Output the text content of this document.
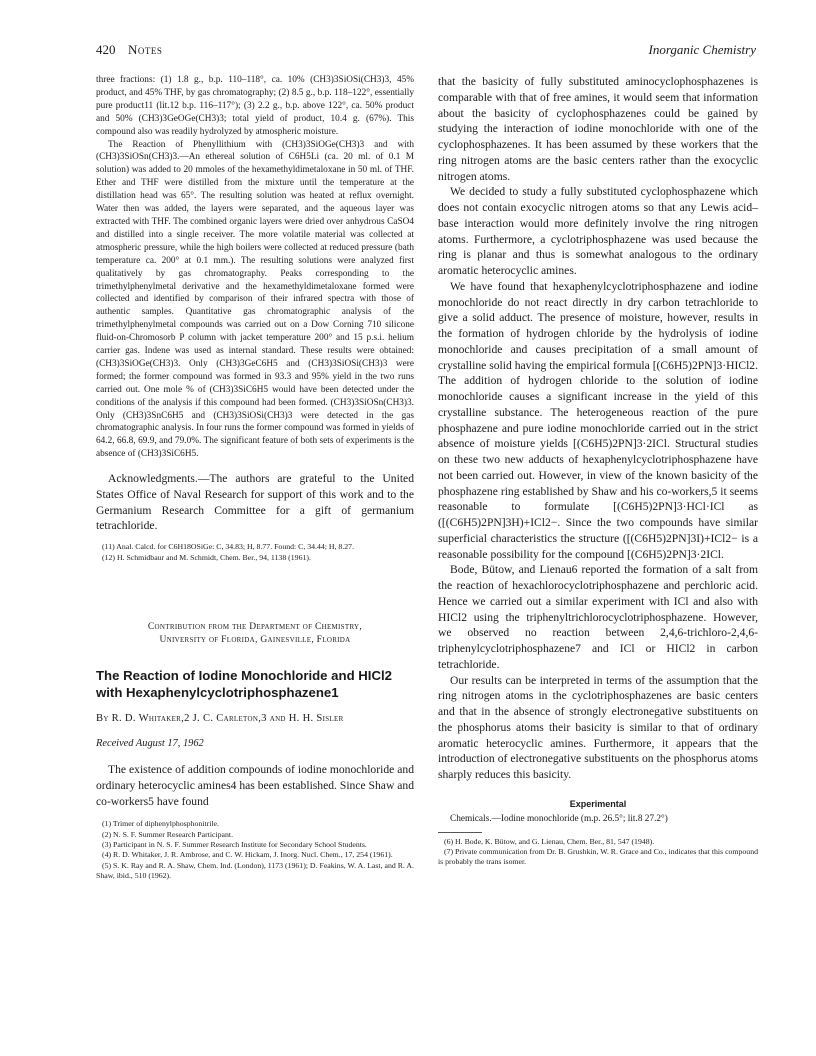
420 Notes	Inorganic Chemistry

three fractions: (1) 1.8 g., b.p. 110–118°, ca. 10% (CH3)3SiOSi(CH3)3, 45% product, and 45% THF, by gas chromatography; (2) 8.5 g., b.p. 118–122°, essentially pure product11 (lit.12 b.p. 116–117°); (3) 2.2 g., b.p. above 122°, ca. 50% product and 50% (CH3)3GeOGe(CH3)3; total yield of product, 10.4 g. (67%). This compound also was readily hydrolyzed by atmospheric moisture.

The Reaction of Phenyllithium with (CH3)3SiOGe(CH3)3 and with (CH3)3SiOSn(CH3)3.—An ethereal solution of C6H5Li (ca. 20 ml. of 0.1 M solution) was added to 20 mmoles of the hexamethyldimetaloxane in 50 ml. of THF. Ether and THF were distilled from the mixture until the temperature at the distillation head was 65°. The resulting solution was heated at reflux overnight. Water then was added, the layers were separated, and the aqueous layer was extracted with THF. The combined organic layers were dried over anhydrous CaSO4 and distilled into a single receiver. The more volatile material was collected at atmospheric pressure, while the high boilers were collected at reduced pressure (bath temperature ca. 200° at 0.1 mm.). The resulting solutions were analyzed first qualitatively by gas chromatography. Peaks corresponding to the trimethylphenylmetal derivative and the hexamethyldimetaloxane formed were collected and identified by comparison of their infrared spectra with those of authentic samples. Quantitative gas chromatographic analysis of the trimethylphenylmetal compounds was carried out on a Dow Corning 710 silicone fluid-on-Chromosorb P column with jacket temperature 200° and 15 p.s.i. helium carrier gas. Indene was used as internal standard. These results were obtained: (CH3)3SiOGe(CH3)3. Only (CH3)3GeC6H5 and (CH3)3SiOSi(CH3)3 were formed; the former compound was formed in 93.3 and 95% yield in the two runs carried out. One mole % of (CH3)3SiC6H5 would have been detected under the conditions of the analysis if this compound had been formed. (CH3)3SiOSn(CH3)3. Only (CH3)3SnC6H5 and (CH3)3SiOSi(CH3)3 were detected in the gas chromatographic analysis. In four runs the former compound was formed in yields of 64.2, 66.8, 69.9, and 79.0%. The significant feature of both sets of experiments is the absence of (CH3)3SiC6H5.

Acknowledgments.—The authors are grateful to the United States Office of Naval Research for support of this work and to the Germanium Research Committee for a gift of germanium tetrachloride.

(11) Anal. Calcd. for C6H18OSiGe: C, 34.83; H, 8.77. Found: C, 34.44; H, 8.27.

(12) H. Schmidbaur and M. Schmidt, Chem. Ber., 94, 1138 (1961).

Contribution from the Department of Chemistry,
University of Florida, Gainesville, Florida
The Reaction of Iodine Monochloride and HICl2 with Hexaphenylcyclotriphosphazene1
By R. D. Whitaker,2 J. C. Carleton,3 and H. H. Sisler
Received August 17, 1962

The existence of addition compounds of iodine monochloride and ordinary heterocyclic amines4 has been established. Since Shaw and co-workers5 have found

(1) Trimer of diphenylphosphonitrile.

(2) N. S. F. Summer Research Participant.

(3) Participant in N. S. F. Summer Research Institute for Secondary School Students.

(4) R. D. Whitaker, J. R. Ambrose, and C. W. Hickam, J. Inorg. Nucl. Chem., 17, 254 (1961).

(5) S. K. Ray and R. A. Shaw, Chem. Ind. (London), 1173 (1961); D. Feakins, W. A. Last, and R. A. Shaw, ibid., 510 (1962).

that the basicity of fully substituted aminocyclophosphazenes is comparable with that of free amines, it would seem that information about the basicity of cyclophosphazenes could be gained by studying the interaction of iodine monochloride with one of the cyclophosphazenes. It has been assumed by these workers that the ring nitrogen atoms are the basic centers rather than the exocyclic nitrogen atoms.

We decided to study a fully substituted cyclophosphazene which does not contain exocyclic nitrogen atoms so that any Lewis acid–base interaction would more definitely involve the ring nitrogen atoms. Furthermore, a cyclotriphosphazene was used because the ring is planar and thus is somewhat analogous to the ordinary aromatic heterocyclic amines.

We have found that hexaphenylcyclotriphosphazene and iodine monochloride do not react directly in dry carbon tetrachloride to give a solid adduct. The presence of moisture, however, results in the formation of hydrogen chloride by the hydrolysis of iodine monochloride and causes precipitation of a small amount of crystalline solid having the empirical formula [(C6H5)2PN]3·HICl2. The addition of hydrogen chloride to the solution of iodine monochloride causes a significant increase in the yield of this crystalline substance. The heterogeneous reaction of the pure phosphazene and pure iodine monochloride carried out in the strict absence of moisture yields [(C6H5)2PN]3·2ICl. Structural studies on these two new adducts of hexaphenylcyclotriphosphazene have not been carried out. However, in view of the known basicity of the phosphazene ring established by Shaw and his co-workers,5 it seems reasonable to formulate [(C6H5)2PN]3·HCl·ICl as ([(C6H5)2PN]3H)+ICl2−. Since the two compounds have similar superficial characteristics the structure ([(C6H5)2PN]3I)+ICl2− is a reasonable possibility for the compound [(C6H5)2PN]3·2ICl.

Bode, Bütow, and Lienau6 reported the formation of a salt from the reaction of hexachlorocyclotriphosphazene and perchloric acid. Hence we carried out a similar experiment with ICl and also with HICl2 using the triphenyltrichlorocyclotriphosphazene. However, we observed no reaction between 2,4,6-trichloro-2,4,6-triphenylcyclotriphosphazene7 and ICl or HICl2 in carbon tetrachloride.

Our results can be interpreted in terms of the assumption that the ring nitrogen atoms in the cyclotriphosphazenes are basic centers and that in the absence of strongly electronegative substituents on the phosphorus atoms their basicity is similar to that of ordinary aromatic heterocyclic amines. Furthermore, it appears that the introduction of electronegative substituents on the phosphorus atoms sharply reduces this basicity.

Experimental

Chemicals.—Iodine monochloride (m.p. 26.5°; lit.8 27.2°)

(6) H. Bode, K. Bütow, and G. Lienau, Chem. Ber., 81, 547 (1948).

(7) Private communication from Dr. B. Grushkin, W. R. Grace and Co., indicates that this compound is probably the trans isomer.
